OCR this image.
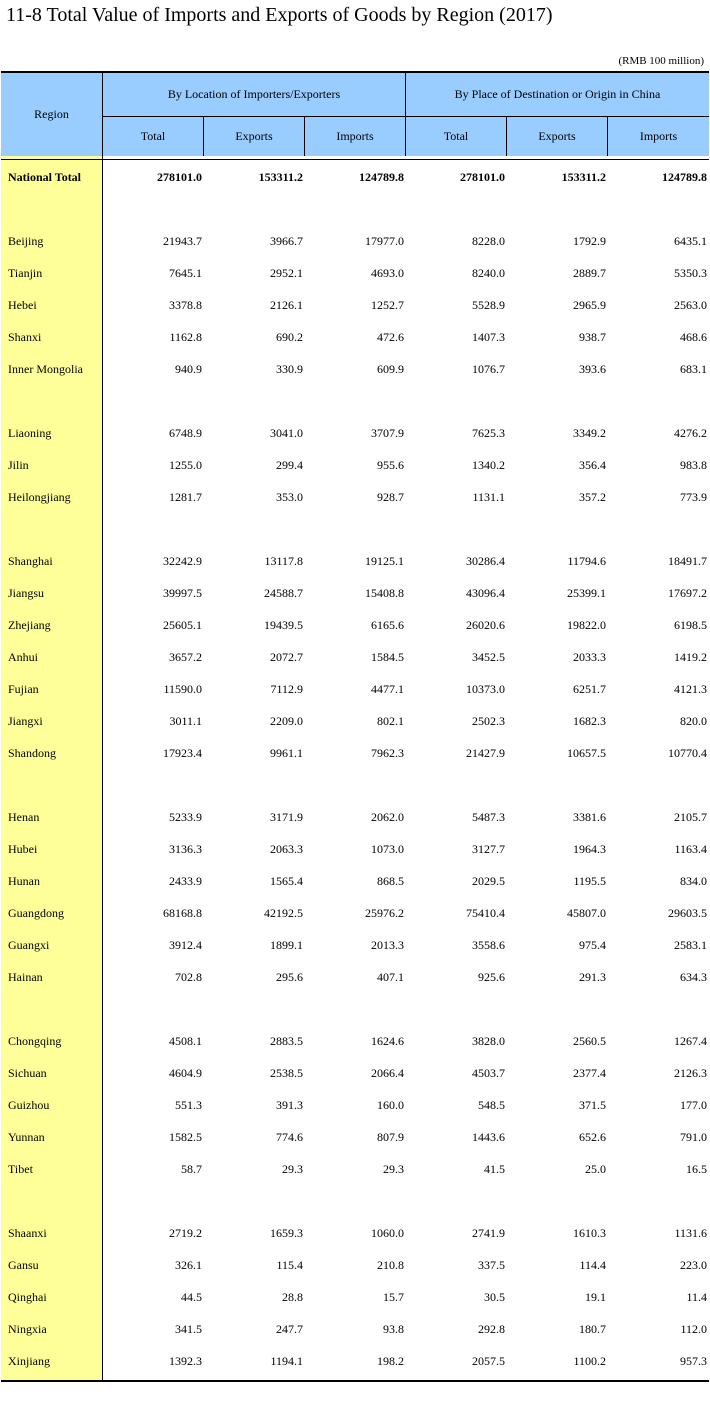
11-8 Total Value of Imports and Exports of Goods by Region (2017)
(RMB 100 million)
Region
By Location of Importers/Exporters	By Place of Destination or Origin in China
Total	Exports	Imports	Total	Exports	Imports
National Total	278101.0	153311.2	124789.8	278101.0	153311.2	124789.8
Beijing	21943.7	3966.7	17977.0	8228.0	1792.9	6435.1
Tianjin	7645.1	2952.1	4693.0	8240.0	2889.7	5350.3
Hebei	3378.8	2126.1	1252.7	5528.9	2965.9	2563.0
Shanxi	1162.8	690.2	472.6	1407.3	938.7	468.6
Inner Mongolia	940.9	330.9	609.9	1076.7	393.6	683.1
Liaoning	6748.9	3041.0	3707.9	7625.3	3349.2	4276.2
Jilin	1255.0	299.4	955.6	1340.2	356.4	983.8
Heilongjiang	1281.7	353.0	928.7	1131.1	357.2	773.9
Shanghai	32242.9	13117.8	19125.1	30286.4	11794.6	18491.7
Jiangsu	39997.5	24588.7	15408.8	43096.4	25399.1	17697.2
Zhejiang	25605.1	19439.5	6165.6	26020.6	19822.0	6198.5
Anhui	3657.2	2072.7	1584.5	3452.5	2033.3	1419.2
Fujian	11590.0	7112.9	4477.1	10373.0	6251.7	4121.3
Jiangxi	3011.1	2209.0	802.1	2502.3	1682.3	820.0
Shandong	17923.4	9961.1	7962.3	21427.9	10657.5	10770.4
Henan	5233.9	3171.9	2062.0	5487.3	3381.6	2105.7
Hubei	3136.3	2063.3	1073.0	3127.7	1964.3	1163.4
Hunan	2433.9	1565.4	868.5	2029.5	1195.5	834.0
Guangdong	68168.8	42192.5	25976.2	75410.4	45807.0	29603.5
Guangxi	3912.4	1899.1	2013.3	3558.6	975.4	2583.1
Hainan	702.8	295.6	407.1	925.6	291.3	634.3
Chongqing	4508.1	2883.5	1624.6	3828.0	2560.5	1267.4
Sichuan	4604.9	2538.5	2066.4	4503.7	2377.4	2126.3
Guizhou	551.3	391.3	160.0	548.5	371.5	177.0
Yunnan	1582.5	774.6	807.9	1443.6	652.6	791.0
Tibet	58.7	29.3	29.3	41.5	25.0	16.5
Shaanxi	2719.2	1659.3	1060.0	2741.9	1610.3	1131.6
Gansu	326.1	115.4	210.8	337.5	114.4	223.0
Qinghai	44.5	28.8	15.7	30.5	19.1	11.4
Ningxia	341.5	247.7	93.8	292.8	180.7	112.0
Xinjiang	1392.3	1194.1	198.2	2057.5	1100.2	957.3
